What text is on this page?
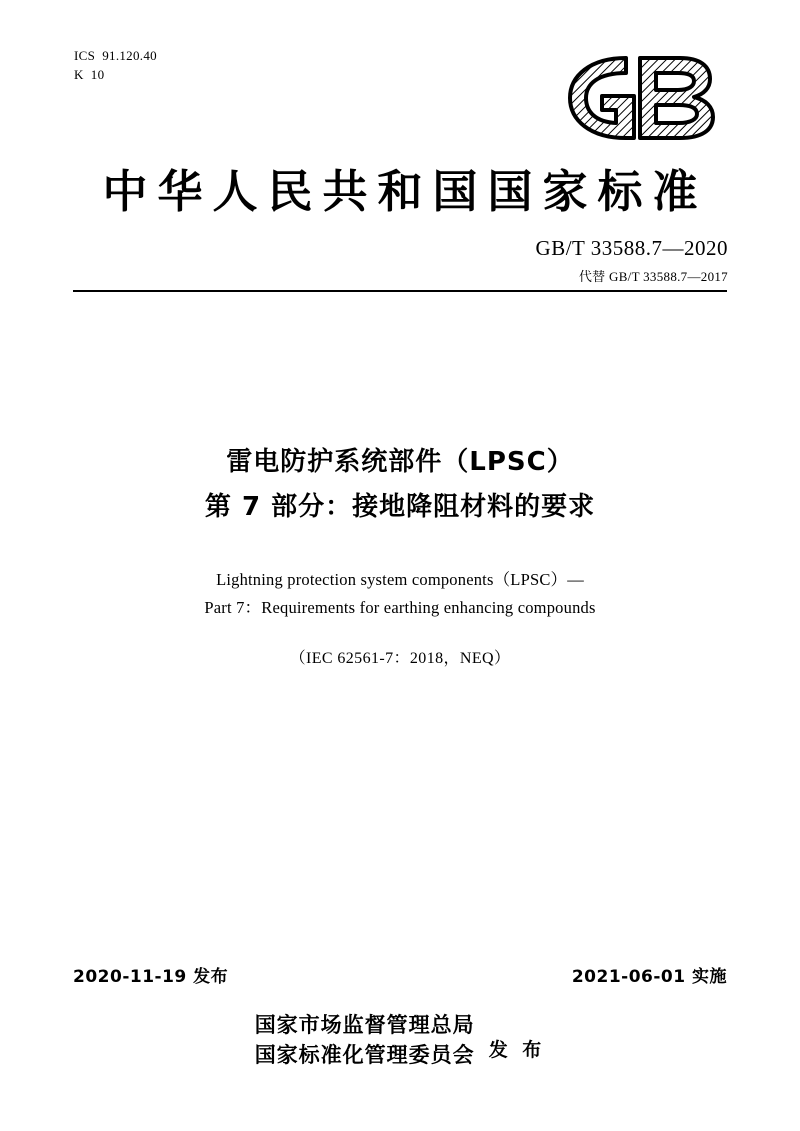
ICS  91.120.40
K  10
中华人民共和国国家标准
GB/T 33588.7—2020
代替 GB/T 33588.7—2017
雷电防护系统部件（LPSC）
第 7 部分：接地降阻材料的要求
Lightning protection system components（LPSC）—
Part 7：Requirements for earthing enhancing compounds
（IEC 62561-7：2018，NEQ）
2020-11-19 发布	2021-06-01 实施
国家市场监督管理总局
国家标准化管理委员会 发 布
